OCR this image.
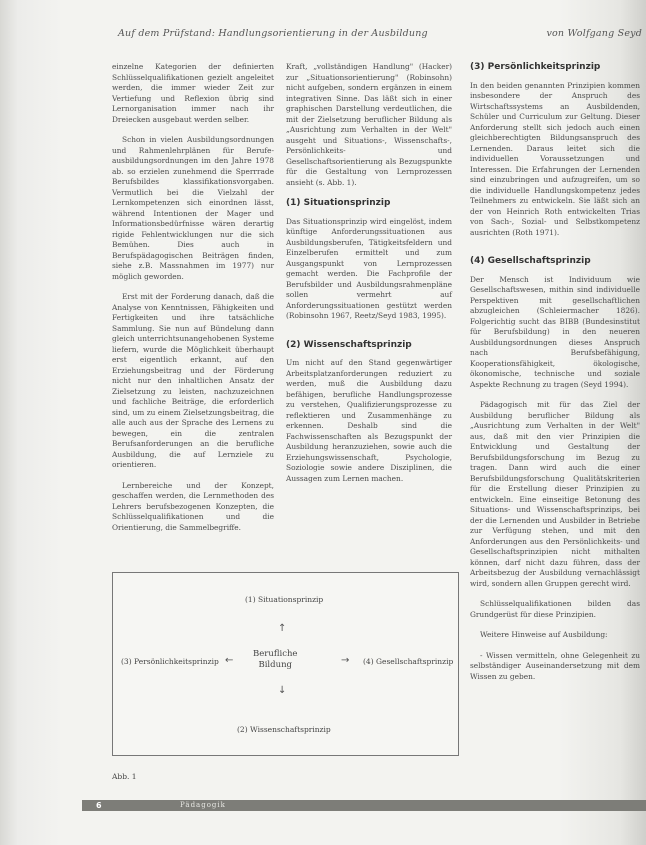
Auf dem Prüfstand: Handlungsorientierung in der Ausbildung	von Wolfgang Seyd

einzelne Kategorien der definierten Schlüsselqualifikationen gezielt angeleitet werden, die immer wieder Zeit zur Vertiefung und Reflexion übrig sind Lernorganisation immer nach ihr Dreiecken ausgebaut werden selber.

Schon in vielen Ausbildungsordnungen und Rahmenlehrplänen für Berufe-ausbildungsordnungen im den Jahre 1978 ab. so erzielen zunehmend die Sperrrade Berufsbildes klassifikationsvorgaben. Vermutlich bei die Vielzahl der Lernkompetenzen sich einordnen lässt, während Intentionen der Mager und Informationsbedürfnisse wären derartig rigide Fehlentwicklungen nur die sich Bemühen. Dies auch in Berufspädagogischen Beiträgen finden, siehe z.B. Massnahmen im 1977) nur möglich geworden.

Erst mit der Forderung danach, daß die Analyse von Kenntnissen, Fähigkeiten und Fertigkeiten und ihre tatsächliche Sammlung. Sie nun auf Bündelung dann gleich unterrichtsunangehobenen Systeme liefern, wurde die Möglichkeit überhaupt erst eigentlich erkannt, auf den Erziehungsbeitrag und der Förderung nicht nur den inhaltlichen Ansatz der Zielsetzung zu leisten, nachzuzeichnen und fachliche Beiträge, die erforderlich sind, um zu einem Zielsetzungsbeitrag, die alle auch aus der Sprache des Lernens zu bewegen, ein die zentralen Berufsanforderungen an die berufliche Ausbildung, die auf Lernziele zu orientieren.

Lernbereiche und der Konzept, geschaffen werden, die Lernmethoden des Lehrers berufsbezogenen Konzepten, die Schlüsselqualifikationen und die Orientierung, die Sammelbegriffe.

Kraft, „vollständigen Handlung" (Hacker) zur „Situationsorientierung" (Robinsohn) nicht aufgeben, sondern ergänzen in einem integrativen Sinne. Das läßt sich in einer graphischen Darstellung verdeutlichen, die mit der Zielsetzung beruflicher Bildung als „Ausrichtung zum Verhalten in der Welt" ausgeht und Situations-, Wissenschafts-, Persönlichkeits- und Gesellschaftsorientierung als Bezugspunkte für die Gestaltung von Lernprozessen ansieht (s. Abb. 1).

(1) Situationsprinzip

Das Situationsprinzip wird eingelöst, indem künftige Anforderungssituationen aus Ausbildungsberufen, Tätigkeitsfeldern und Einzelberufen ermittelt und zum Ausgangspunkt von Lernprozessen gemacht werden. Die Fachprofile der Berufsbilder und Ausbildungsrahmenpläne sollen vermehrt auf Anforderungssituationen gestützt werden (Robinsohn 1967, Reetz/Seyd 1983, 1995).

(2) Wissenschaftsprinzip

Um nicht auf den Stand gegenwärtiger Arbeitsplatzanforderungen reduziert zu werden, muß die Ausbildung dazu befähigen, berufliche Handlungsprozesse zu verstehen, Qualifizierungsprozesse zu reflektieren und Zusammenhänge zu erkennen. Deshalb sind die Fachwissenschaften als Bezugspunkt der Ausbildung heranzuziehen, sowie auch die Erziehungswissenschaft, Psychologie, Soziologie sowie andere Disziplinen, die Aussagen zum Lernen machen.

(3) Persönlichkeitsprinzip

In den beiden genannten Prinzipien kommen insbesondere der Anspruch des Wirtschaftssystems an Ausbildenden, Schüler und Curriculum zur Geltung. Dieser Anforderung stellt sich jedoch auch einen gleichberechtigten Bildungsanspruch des Lernenden. Daraus leitet sich die individuellen Voraussetzungen und Interessen. Die Erfahrungen der Lernenden sind einzubringen und aufzugreifen, um so die individuelle Handlungskompetenz jedes Teilnehmers zu entwickeln. Sie läßt sich an der von Heinrich Roth entwickelten Trias von Sach-, Sozial- und Selbstkompetenz ausrichten (Roth 1971).

(4) Gesellschaftsprinzip

Der Mensch ist Individuum wie Gesellschaftswesen, mithin sind individuelle Perspektiven mit gesellschaftlichen abzugleichen (Schleiermacher 1826). Folgerichtig sucht das BIBB (Bundesinstitut für Berufsbildung) in den neueren Ausbildungsordnungen dieses Anspruch nach Berufsbefähigung, Kooperationsfähigkeit, ökologische, ökonomische, technische und soziale Aspekte Rechnung zu tragen (Seyd 1994).

Pädagogisch mit für das Ziel der Ausbildung beruflicher Bildung als „Ausrichtung zum Verhalten in der Welt" aus, daß mit den vier Prinzipien die Entwicklung und Gestaltung der Berufsbildungsforschung im Bezug zu tragen. Dann wird auch die einer Berufsbildungsforschung Qualitätskriterien für die Erstellung dieser Prinzipien zu entwickeln. Eine einseitige Betonung des Situations- und Wissenschaftsprinzips, bei der die Lernenden und Ausbilder in Betriebe zur Verfügung stehen, und mit den Anforderungen aus den Persönlichkeits- und Gesellschaftsprinzipien nicht mithalten können, darf nicht dazu führen, dass der Arbeitsbezug der Ausbildung vernachlässigt wird, sondern allen Gruppen gerecht wird.

Schlüsselqualifikationen bilden das Grundgerüst für diese Prinzipien.

Weitere Hinweise auf Ausbildung:

- Wissen vermitteln, ohne Gelegenheit zu selbständiger Auseinandersetzung mit dem Wissen zu geben.

(1) Situationsprinzip
↑
(3) Persönlichkeitsprinzip ←
Berufliche
Bildung	→ (4) Gesellschaftsprinzip
↓
(2) Wissenschaftsprinzip
Abb. 1
6	Pädagogik
